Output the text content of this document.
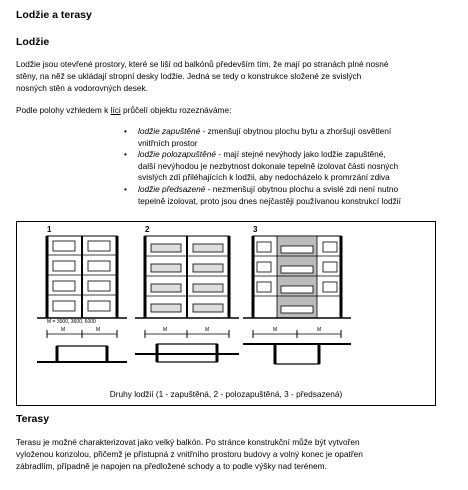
Lodžie a terasy
Lodžie
Lodžie jsou otevřené prostory, které se liší od balkónů především tím, že mají po stranách plné nosné
stěny, na něž se ukládají stropní desky lodžie. Jedná se tedy o konstrukce složené ze svislých
nosných stěn a vodorovných desek.
Podle polohy vzhledem k líci průčelí objektu rozeznáváme:
• lodžie zapuštěné - zmenšují obytnou plochu bytu a zhoršují osvětlení
vnitřních prostor
• lodžie polozapuštěné - mají stejné nevýhody jako lodžie zapuštěné,
další nevýhodou je nezbytnost dokonale tepelně izolovat části nosných
svislých zdí přiléhajících k lodžii, aby nedocházelo k promrzání zdiva
• lodžie předsazené - nezmenšují obytnou plochu a svislé zdi není nutno
tepelně izolovat, proto jsou dnes nejčastěji používanou konstrukcí lodžií
1	2	3
M = 3000, 3600, 6000
M	M	M	M	M	M
Druhy lodžií (1 - zapuštěná, 2 - polozapuštěná, 3 - předsazená)
Terasy
Terasu je možné charakterizovat jako velký balkón. Po stránce konstrukční může být vytvořen
vyloženou konzolou, přičemž je přístupná z vnitřního prostoru budovy a volný konec je opatřen
zábradlím, případně je napojen na předložené schody a to podle výšky nad terénem.
